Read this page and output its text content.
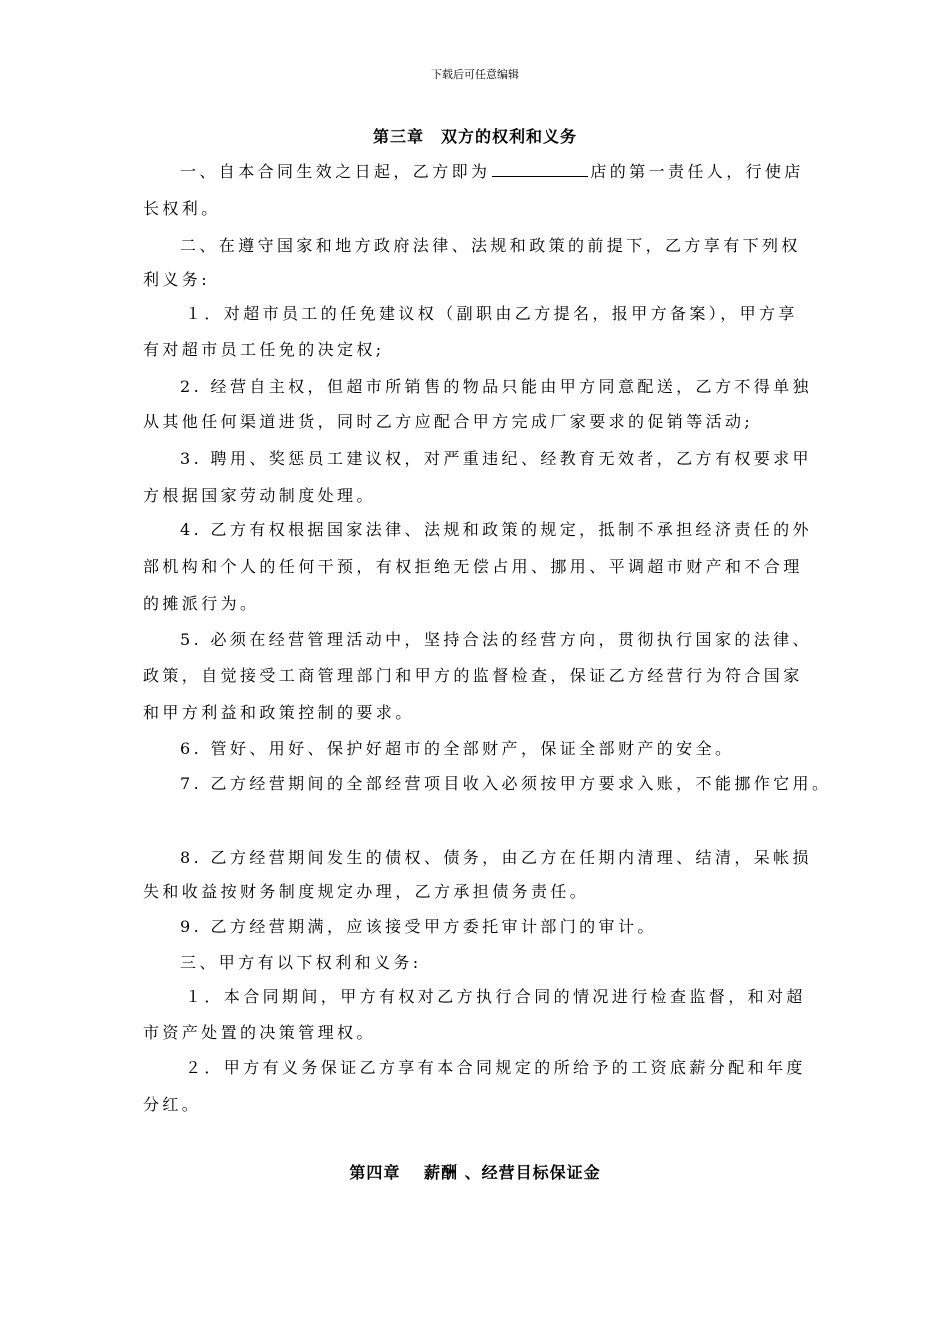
下载后可任意编辑
第三章　双方的权利和义务
一、自本合同生效之日起，乙方即为	店的第一责任人，行使店
长权利。
二、在遵守国家和地方政府法律、法规和政策的前提下，乙方享有下列权
利义务:
１．对超市员工的任免建议权（副职由乙方提名，报甲方备案），甲方享
有对超市员工任免的决定权;
2. 经营自主权，但超市所销售的物品只能由甲方同意配送，乙方不得单独
从其他任何渠道进货，同时乙方应配合甲方完成厂家要求的促销等活动;
3. 聘用、奖惩员工建议权，对严重违纪、经教育无效者，乙方有权要求甲
方根据国家劳动制度处理。
4. 乙方有权根据国家法律、法规和政策的规定，抵制不承担经济责任的外
部机构和个人的任何干预，有权拒绝无偿占用、挪用、平调超市财产和不合理
的摊派行为。
5. 必须在经营管理活动中，坚持合法的经营方向，贯彻执行国家的法律、
政策，自觉接受工商管理部门和甲方的监督检查，保证乙方经营行为符合国家
和甲方利益和政策控制的要求。
6. 管好、用好、保护好超市的全部财产，保证全部财产的安全。
7. 乙方经营期间的全部经营项目收入必须按甲方要求入账，不能挪作它用。
8. 乙方经营期间发生的债权、债务，由乙方在任期内清理、结清，呆帐损
失和收益按财务制度规定办理，乙方承担债务责任。
9. 乙方经营期满，应该接受甲方委托审计部门的审计。
三、甲方有以下权利和义务:
１．本合同期间，甲方有权对乙方执行合同的情况进行检查监督，和对超
市资产处置的决策管理权。
２．甲方有义务保证乙方享有本合同规定的所给予的工资底薪分配和年度
分红。
第四章　 薪酬 、经营目标保证金
